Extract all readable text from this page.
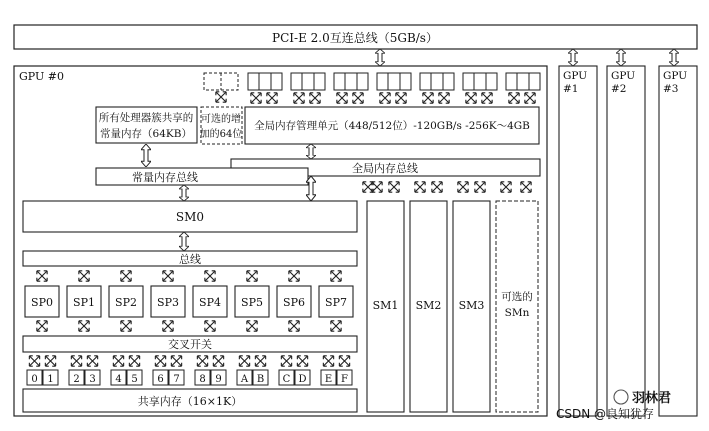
PCI-E 2.0互连总线（5GB/s）
GPU #0	GPU
#1
GPU
#2
GPU
#3
所有处理器簇共享的
常量内存（64KB）
可选的增
加的64位
全局内存管理单元（448/512位）-120GB/s -256K～4GB
全局内存总线
常量内存总线
SM0
总线
SP0 SP1 SP2 SP3 SP4 SP5 SP6 SP7
交叉开关
0 1 2 3 4 5 6 7 8 9 A B C D E F
共享内存（16×1K）
SM1 SM2 SM3
可选的
SMn
羽林君
CSDN @良知犹存
